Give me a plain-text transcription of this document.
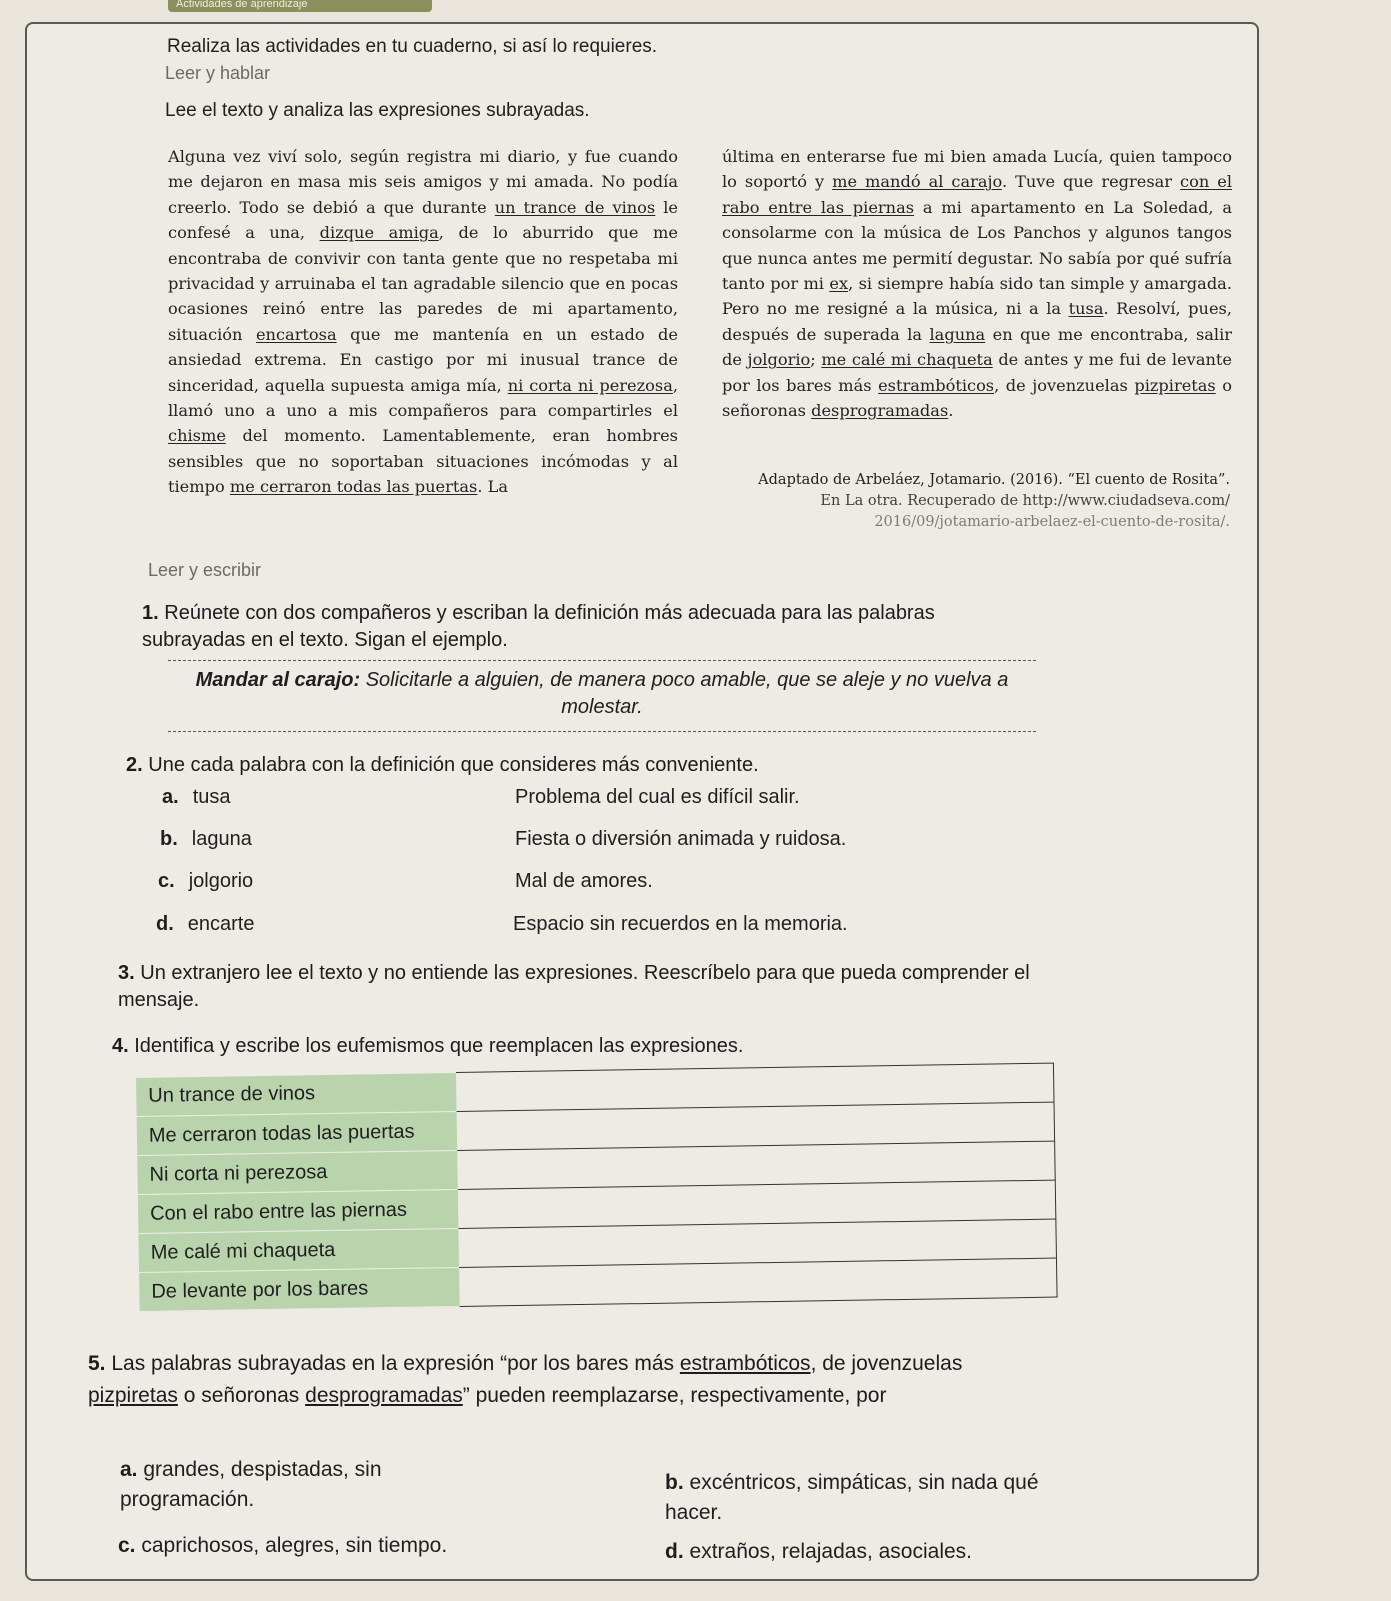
Actividades de aprendizaje
Realiza las actividades en tu cuaderno, si así lo requieres.
Leer y hablar
Lee el texto y analiza las expresiones subrayadas.
Alguna vez viví solo, según registra mi diario, y fue cuando me dejaron en masa mis seis amigos y mi amada. No podía creerlo. Todo se debió a que durante un trance de vinos le confesé a una, dizque amiga, de lo aburrido que me encontraba de convivir con tanta gente que no respetaba mi privacidad y arruinaba el tan agradable silencio que en pocas ocasiones reinó entre las paredes de mi apartamento, situación encartosa que me mantenía en un estado de ansiedad extrema. En castigo por mi inusual trance de sinceridad, aquella supuesta amiga mía, ni corta ni perezosa, llamó uno a uno a mis compañeros para compartirles el chisme del momento. Lamentablemente, eran hombres sensibles que no soportaban situaciones incómodas y al tiempo me cerraron todas las puertas. La
última en enterarse fue mi bien amada Lucía, quien tampoco lo soportó y me mandó al carajo. Tuve que regresar con el rabo entre las piernas a mi apartamento en La Soledad, a consolarme con la música de Los Panchos y algunos tangos que nunca antes me permití degustar. No sabía por qué sufría tanto por mi ex, si siempre había sido tan simple y amargada. Pero no me resigné a la música, ni a la tusa. Resolví, pues, después de superada la laguna en que me encontraba, salir de jolgorio; me calé mi chaqueta de antes y me fui de levante por los bares más estrambóticos, de jovenzuelas pizpiretas o señoronas desprogramadas.
Adaptado de Arbeláez, Jotamario. (2016). “El cuento de Rosita”.
En La otra. Recuperado de http://www.ciudadseva.com/
2016/09/jotamario-arbelaez-el-cuento-de-rosita/.
Leer y escribir
1. Reúnete con dos compañeros y escriban la definición más adecuada para las palabras subrayadas en el texto. Sigan el ejemplo.
Mandar al carajo: Solicitarle a alguien, de manera poco amable, que se aleje y no vuelva a molestar.
2. Une cada palabra con la definición que consideres más conveniente.
a. tusa	Problema del cual es difícil salir.
b. laguna	Fiesta o diversión animada y ruidosa.
c. jolgorio	Mal de amores.
d. encarte	Espacio sin recuerdos en la memoria.
3. Un extranjero lee el texto y no entiende las expresiones. Reescríbelo para que pueda comprender el mensaje.
4. Identifica y escribe los eufemismos que reemplacen las expresiones.
Un trance de vinos	
Me cerraron todas las puertas	
Ni corta ni perezosa	
Con el rabo entre las piernas	
Me calé mi chaqueta	
De levante por los bares	
5. Las palabras subrayadas en la expresión “por los bares más estrambóticos, de jovenzuelas pizpiretas o señoronas desprogramadas” pueden reemplazarse, respectivamente, por
a. grandes, despistadas, sin programación.
b. excéntricos, simpáticas, sin nada qué hacer.
c. caprichosos, alegres, sin tiempo.	d. extraños, relajadas, asociales.
